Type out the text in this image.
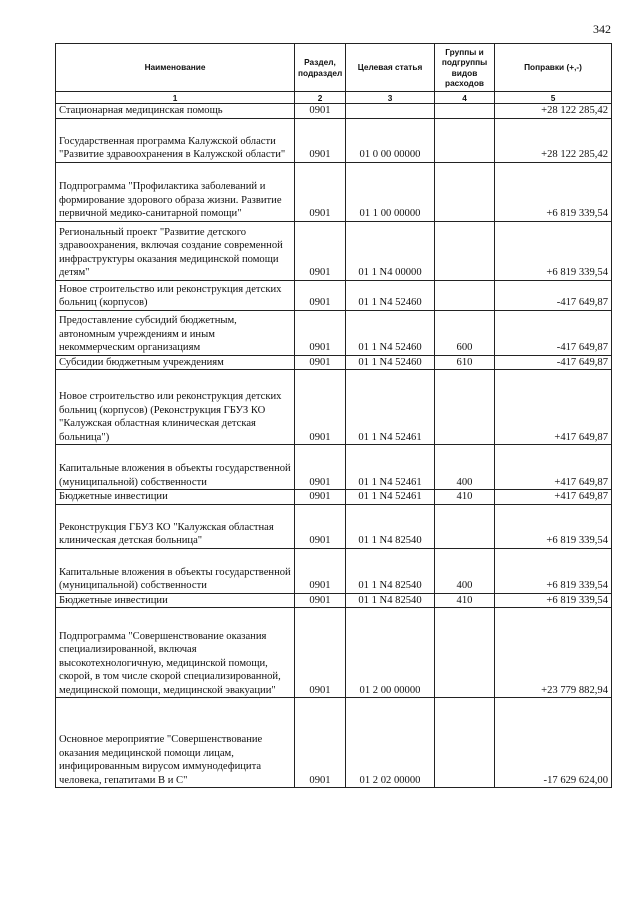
342
Наименование	Раздел, подраздел	Целевая статья	Группы и подгруппы видов расходов	Поправки (+,-)
1	2	3	4	5
Стационарная медицинская помощь	0901			+28 122 285,42
Государственная программа Калужской области "Развитие здравоохранения в Калужской области"	0901	01 0 00 00000		+28 122 285,42
Подпрограмма "Профилактика заболеваний и формирование здорового образа жизни. Развитие первичной медико-санитарной помощи"	0901	01 1 00 00000		+6 819 339,54
Региональный проект "Развитие детского здравоохранения, включая создание современной инфраструктуры оказания медицинской помощи детям"	0901	01 1 N4 00000		+6 819 339,54
Новое строительство или реконструкция детских больниц (корпусов)	0901	01 1 N4 52460		-417 649,87
Предоставление субсидий бюджетным, автономным учреждениям и иным некоммерческим организациям	0901	01 1 N4 52460	600	-417 649,87
Субсидии бюджетным учреждениям	0901	01 1 N4 52460	610	-417 649,87
Новое строительство или реконструкция детских больниц (корпусов) (Реконструкция ГБУЗ КО "Калужская областная клиническая детская больница")	0901	01 1 N4 52461		+417 649,87
Капитальные вложения в объекты государственной (муниципальной) собственности	0901	01 1 N4 52461	400	+417 649,87
Бюджетные инвестиции	0901	01 1 N4 52461	410	+417 649,87
Реконструкция ГБУЗ КО "Калужская областная клиническая детская больница"	0901	01 1 N4 82540		+6 819 339,54
Капитальные вложения в объекты государственной (муниципальной) собственности	0901	01 1 N4 82540	400	+6 819 339,54
Бюджетные инвестиции	0901	01 1 N4 82540	410	+6 819 339,54
Подпрограмма "Совершенствование оказания специализированной, включая высокотехнологичную, медицинской помощи, скорой, в том числе скорой специализированной, медицинской помощи, медицинской эвакуации"	0901	01 2 00 00000		+23 779 882,94
Основное мероприятие "Совершенствование оказания медицинской помощи лицам, инфицированным вирусом иммунодефицита человека, гепатитами B и C"	0901	01 2 02 00000		-17 629 624,00
